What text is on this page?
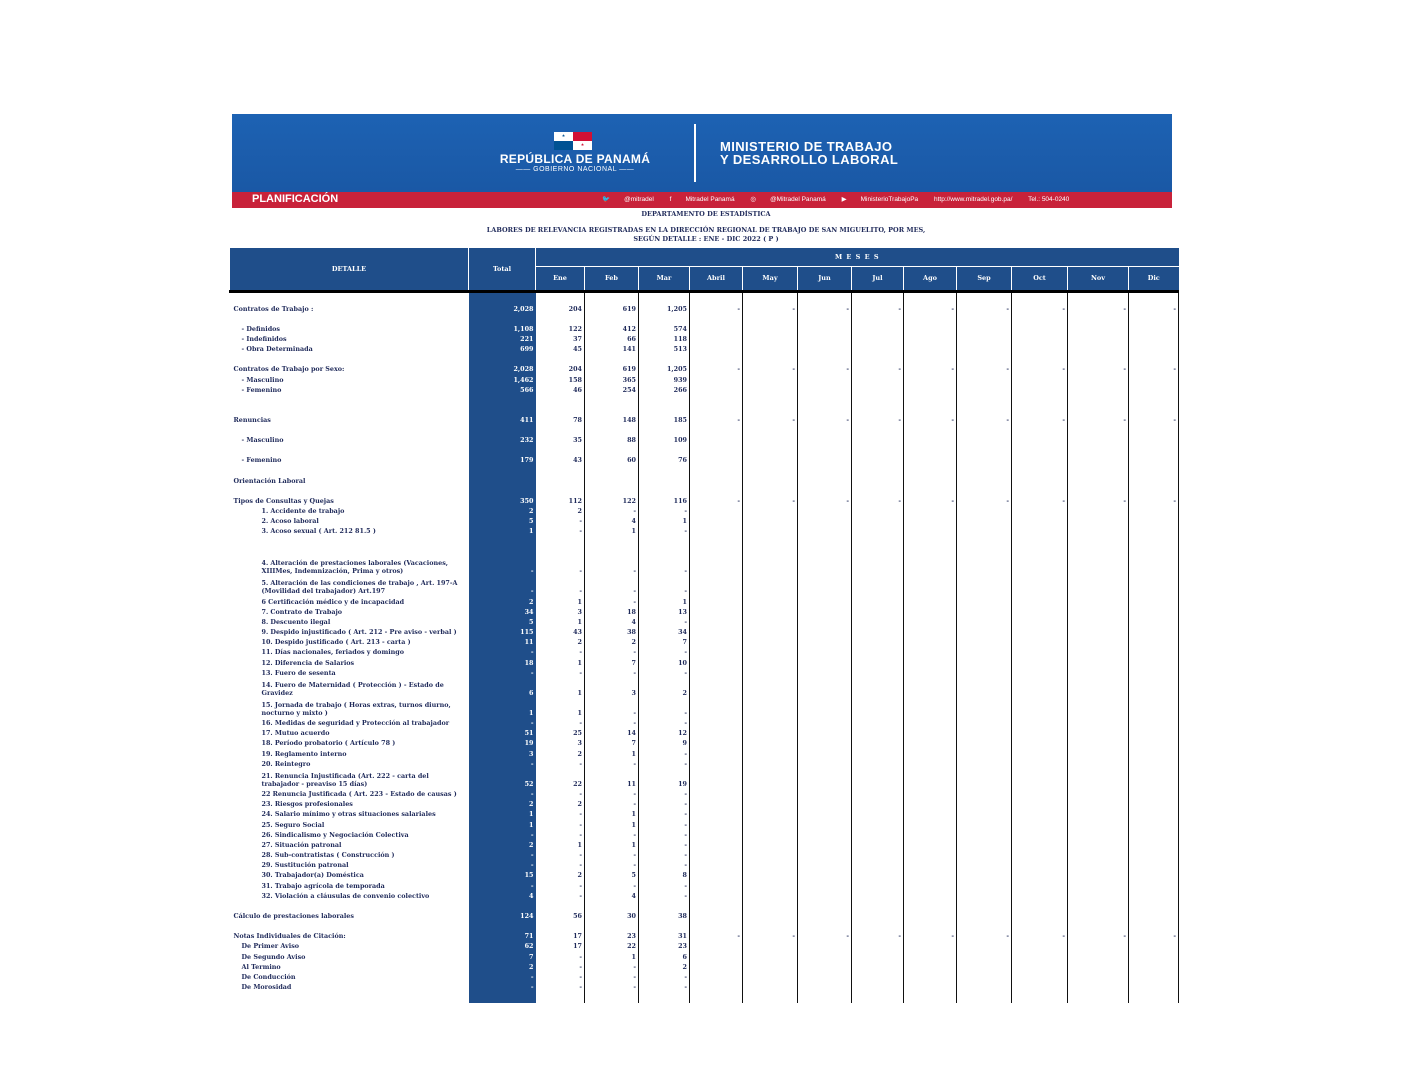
REPÚBLICA DE PANAMÁ
—— GOBIERNO NACIONAL ——
MINISTERIO DE TRABAJO
Y DESARROLLO LABORAL
PLANIFICACIÓN	🐦 @mitradel f Mitradel Panamá ◎ @Mitradel Panamá ▶ MinisterioTrabajoPa http://www.mitradel.gob.pa/ Tel.: 504-0240
DEPARTAMENTO DE ESTADÍSTICA
LABORES DE RELEVANCIA REGISTRADAS EN LA DIRECCIÓN REGIONAL DE TRABAJO DE SAN MIGUELITO, POR MES,
SEGÚN DETALLE : ENE - DIC 2022 ( P )
DETALLE	Total	M E S E S											
		Ene	Feb	Mar	Abril	May	Jun	Jul	Ago	Sep	Oct	Nov	Dic

Contratos de Trabajo :	2,028	204	619	1,205	-	-	-	-	-	-	-	-	-

- Definidos	1,108	122	412	574									
- Indefinidos	221	37	66	118									
- Obra Determinada	699	45	141	513									

Contratos de Trabajo por Sexo:	2,028	204	619	1,205	-	-	-	-	-	-	-	-	-
- Masculino	1,462	158	365	939									
- Femenino	566	46	254	266									

Renuncias	411	78	148	185	-	-	-	-	-	-	-	-	-

- Masculino	232	35	88	109									

- Femenino	179	43	60	76									

Orientación Laboral													

Tipos de Consultas y Quejas	350	112	122	116	-	-	-	-	-	-	-	-	-
1. Accidente de trabajo	2	2	-	-									
2. Acoso laboral	5	-	4	1									
3. Acoso sexual ( Art. 212 81.5 )	1	-	1	-									

4. Alteración de prestaciones laborales (Vacaciones, XIIIMes, Indemnización, Prima y otros)	-	-	-	-									
5. Alteración de las condiciones de trabajo , Art. 197-A (Movilidad del trabajador) Art.197	-	-	-	-									
6 Certificación médico y de incapacidad	2	1	-	1									
7. Contrato de Trabajo	34	3	18	13									
8. Descuento ilegal	5	1	4	-									
9. Despido injustificado ( Art. 212 - Pre aviso - verbal )	115	43	38	34									
10. Despido justificado ( Art. 213 - carta )	11	2	2	7									
11. Días nacionales, feriados y domingo	-	-	-	-									
12. Diferencia de Salarios	18	1	7	10									
13. Fuero de sesenta	-	-	-	-									
14. Fuero de Maternidad ( Protección ) - Estado de Gravidez	6	1	3	2									
15. Jornada de trabajo ( Horas extras, turnos diurno, nocturno y mixto )	1	1	-	-									
16. Medidas de seguridad y Protección al trabajador	-	-	-	-									
17. Mutuo acuerdo	51	25	14	12									
18. Período probatorio ( Artículo 78 )	19	3	7	9									
19. Reglamento interno	3	2	1	-									
20. Reintegro	-	-	-	-									
21. Renuncia Injustificada (Art. 222 - carta del trabajador - preaviso 15 días)	52	22	11	19									
22 Renuncia Justificada ( Art. 223 - Estado de causas )	-	-	-	-									
23. Riesgos profesionales	2	2	-	-									
24. Salario mínimo y otras situaciones salariales	1	-	1	-									
25. Seguro Social	1	-	1	-									
26. Sindicalismo y Negociación Colectiva	-	-	-	-									
27. Situación patronal	2	1	1	-									
28. Sub-contratistas ( Construcción )	-	-	-	-									
29. Sustitución patronal	-	-	-	-									
30. Trabajador(a) Doméstica	15	2	5	8									
31. Trabajo agrícola de temporada	-	-	-	-									
32. Violación a cláusulas de convenio colectivo	4	-	4	-									

Cálculo de prestaciones laborales	124	56	30	38									

Notas Individuales de Citación:	71	17	23	31	-	-	-	-	-	-	-	-	-
De Primer Aviso	62	17	22	23									
De Segundo Aviso	7	-	1	6									
Al Termino	2	-	-	2									
De Conducción	-	-	-	-									
De Morosidad	-	-	-	-									
